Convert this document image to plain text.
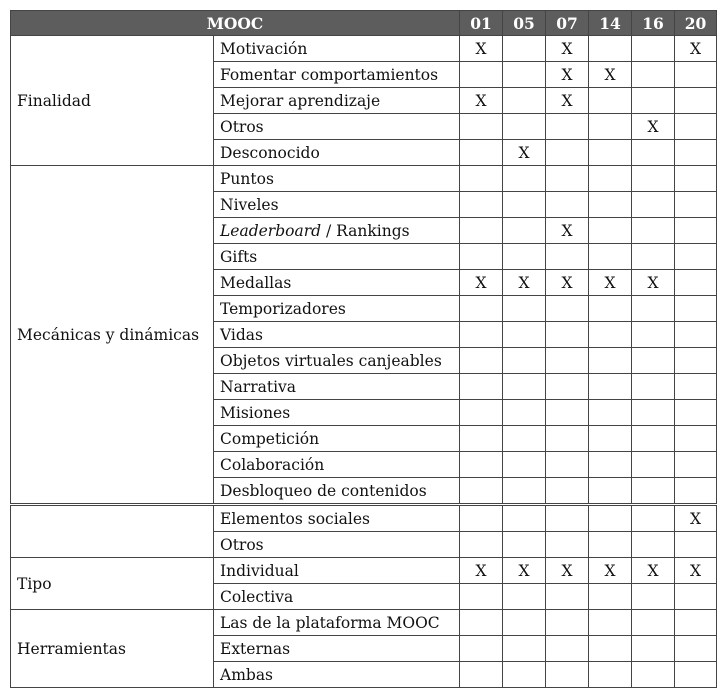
MOOC		01	05	07	14	16	20
Finalidad	Motivación	X		X			X
	Fomentar comportamientos			X	X		
	Mejorar aprendizaje	X		X			
	Otros					X	
	Desconocido		X				
Mecánicas y dinámicas	Puntos						
	Niveles						
	Leaderboard / Rankings			X			
	Gifts						
	Medallas	X	X	X	X	X	
	Temporizadores						
	Vidas						
	Objetos virtuales canjeables						
	Narrativa						
	Misiones						
	Competición						
	Colaboración						
	Desbloqueo de contenidos						
	Elementos sociales						X
	Otros						
Tipo	Individual	X	X	X	X	X	X
	Colectiva						
Herramientas	Las de la plataforma MOOC						
	Externas						
	Ambas						
